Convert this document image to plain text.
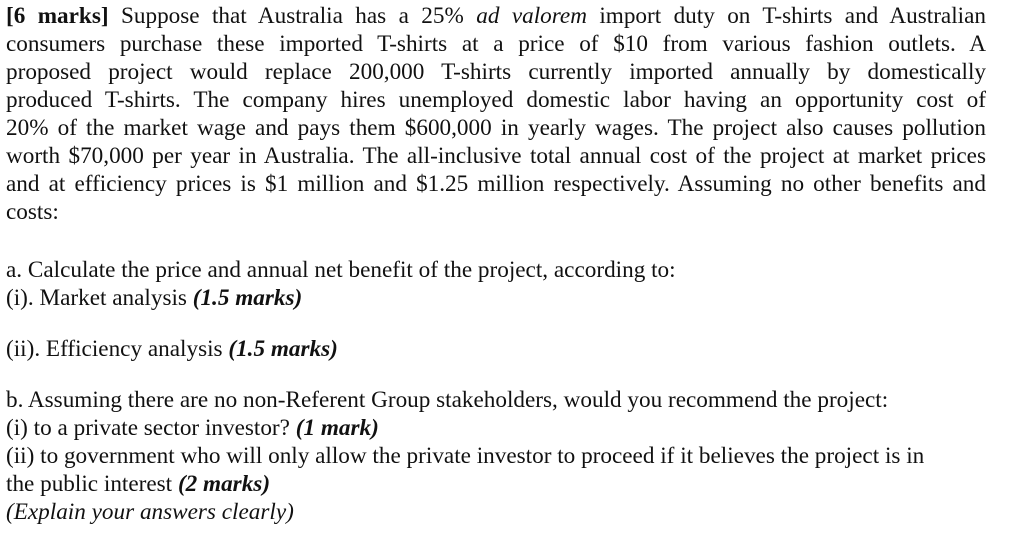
[6 marks] Suppose that Australia has a 25% ad valorem import duty on T-shirts and Australian
consumers purchase these imported T-shirts at a price of $10 from various fashion outlets. A
proposed project would replace 200,000 T-shirts currently imported annually by domestically
produced T-shirts. The company hires unemployed domestic labor having an opportunity cost of
20% of the market wage and pays them $600,000 in yearly wages. The project also causes pollution
worth $70,000 per year in Australia. The all-inclusive total annual cost of the project at market prices
and at efficiency prices is $1 million and $1.25 million respectively. Assuming no other benefits and
costs:
a. Calculate the price and annual net benefit of the project, according to:
(i). Market analysis (1.5 marks)
(ii). Efficiency analysis (1.5 marks)
b. Assuming there are no non-Referent Group stakeholders, would you recommend the project:
(i) to a private sector investor? (1 mark)
(ii) to government who will only allow the private investor to proceed if it believes the project is in
the public interest (2 marks)
(Explain your answers clearly)
